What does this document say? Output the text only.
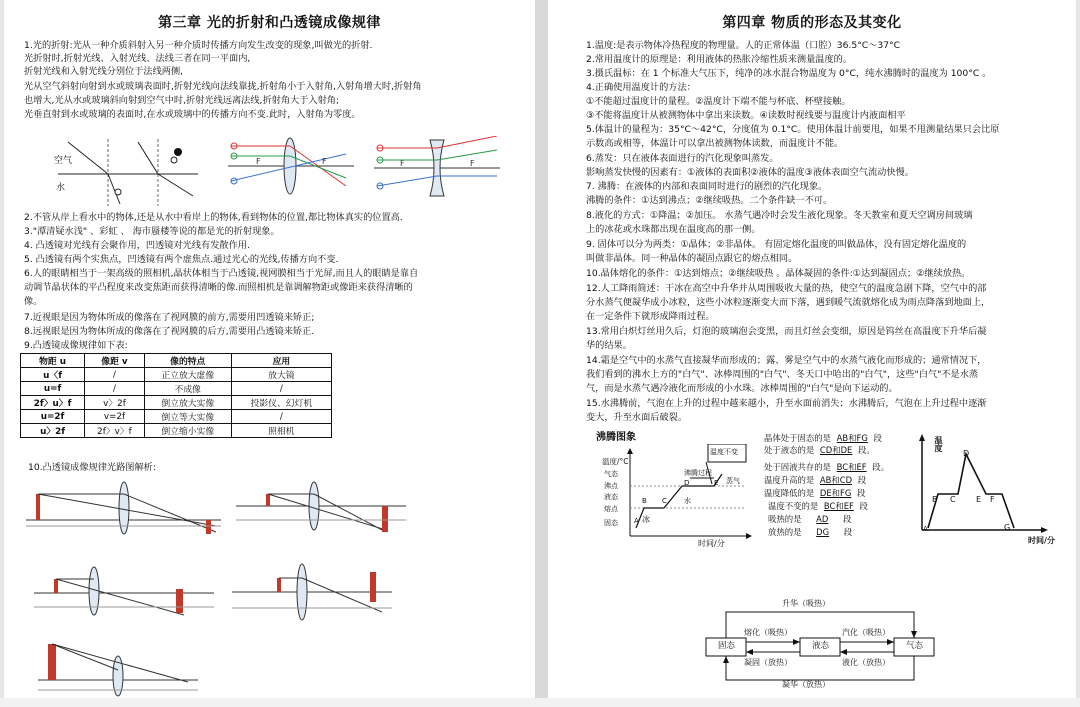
第三章 光的折射和凸透镜成像规律
1.光的折射:光从一种介质斜射入另一种介质时传播方向发生改变的现象,叫做光的折射.
光折射时,折射光线、入射光线、法线三者在同一平面内,
折射光线和入射光线分别位于法线两侧,
光从空气斜射向射到水或玻璃表面时,折射光线向法线靠拢,折射角小于入射角,入射角增大时,折射角
也增大,光从水或玻璃斜向射到空气中时,折射光线远离法线,折射角大于入射角;
光垂直射到水或玻璃的表面时,在水或玻璃中的传播方向不变.此时，入射角为零度。
空气
水
F	F	F	F
2.不管从岸上看水中的物体,还是从水中看岸上的物体,看到物体的位置,都比物体真实的位置高.
3."潭清疑水浅" 、彩虹 、 海市蜃楼等说的都是光的折射现象。
4. 凸透镜对光线有会聚作用，凹透镜对光线有发散作用.
5. 凸透镜有两个实焦点，凹透镜有两个虚焦点.通过光心的光线,传播方向不变.
6.人的眼睛相当于一架高级的照相机,晶状体相当于凸透镜,视网膜相当于光屏,而且人的眼睛是靠自
动调节晶状体的平凸程度来改变焦距而获得清晰的像.而照相机是靠调解物距或像距来获得清晰的
像。
7.近视眼是因为物体所成的像落在了视网膜的前方,需要用凹透镜来矫正;
8.远视眼是因为物体所成的像落在了视网膜的后方,需要用凸透镜来矫正.
9.凸透镜成像规律如下表:
物距 u	像距 v	像的特点	应用
u〈f	/	正立放大虚像	放大镜
u=f	/	不成像	/
2f〉u〉f	v〉2f	倒立放大实像	投影仪、幻灯机
u=2f	v=2f	倒立等大实像	/
u〉2f	2f〉v〉f	倒立缩小实像	照相机
10.凸透镜成像规律光路图解析:
第四章 物质的形态及其变化
1.温度:是表示物体冷热程度的物理量。人的正常体温（口腔）36.5°C～37°C
2.常用温度计的原理是：利用液体的热胀冷缩性质来测量温度的。
3.摄氏温标：在 1 个标准大气压下，纯净的冰水混合物温度为 0°C，纯水沸腾时的温度为 100°C 。
4.正确使用温度计的方法：
①不能超过温度计的量程。②温度计下端不能与杯底、杯壁接触。
③不能将温度计从被测物体中拿出来读数。④读数时视线要与温度计内液面相平
5.体温计的量程为：35°C～42°C，分度值为 0.1°C。使用体温计前要甩，如果不甩测量结果只会比原
示数高或相等，体温计可以拿出被测物体读数，而温度计不能。
6.蒸发：只在液体表面进行的汽化现象叫蒸发。
影响蒸发快慢的因素有：①液体的表面积②液体的温度③液体表面空气流动快慢。
7. 沸腾：在液体的内部和表面同时进行的剧烈的汽化现象。
沸腾的条件：①达到沸点；②继续吸热。二个条件缺一不可。
8.液化的方式：①降温；②加压。 水蒸气遇冷时会发生液化现象。冬天教室和夏天空调房间玻璃
上的冰花或水珠都出现在温度高的那一侧。
9. 固体可以分为两类：①晶体；②非晶体。 有固定熔化温度的叫做晶体，没有固定熔化温度的
叫做非晶体。同一种晶体的凝固点跟它的熔点相同。
10.晶体熔化的条件：①达到熔点；②继续吸热 。晶体凝固的条件:①达到凝固点；②继续放热。
12.人工降雨简述：干冰在高空中升华并从周围吸收大量的热，使空气的温度急剧下降，空气中的部
分水蒸气便凝华成小冰粒，这些小冰粒逐渐变大而下落，遇到暖气流就熔化成为雨点降落到地面上，
在一定条件下就形成降雨过程。
13.常用白炽灯丝用久后，灯泡的玻璃泡会变黑，而且灯丝会变细，原因是钨丝在高温度下升华后凝
华的结果。
14.霜是空气中的水蒸气直接凝华而形成的；露、雾是空气中的水蒸气液化而形成的；通常情况下，
我们看到的沸水上方的"白气"、冰棒周围的"白气"、冬天口中哈出的"白气"，这些"白气"不是水蒸
气，而是水蒸气遇冷液化而形成的小水珠。冰棒周围的"白气"是向下运动的。
15.水沸腾前，气泡在上升的过程中越来越小，升至水面前消失；水沸腾后，气泡在上升过程中逐渐
变大，升至水面后破裂。
沸腾图象
温度/°C
气态
沸点
液态
熔点
固态
温度不变
沸腾过程
蒸气
水
冰
A
B C
D	E
时间/分
晶体处于固态的是 AB和FG 段
处于液态的是 CD和DE 段。
处于固液共存的是 BC和EF 段。
温度升高的是 AB和CD 段
温度降低的是 DE和FG 段
温度不变的是 BC和EF 段
吸热的是 AD 段
放热的是 DG 段
温度
A
B C
D
E F
G
时间/分
固态	液态	气态
升华（吸热）
凝华（放热）
熔化（吸热）
凝固（放热）
汽化（吸热）
液化（放热）
